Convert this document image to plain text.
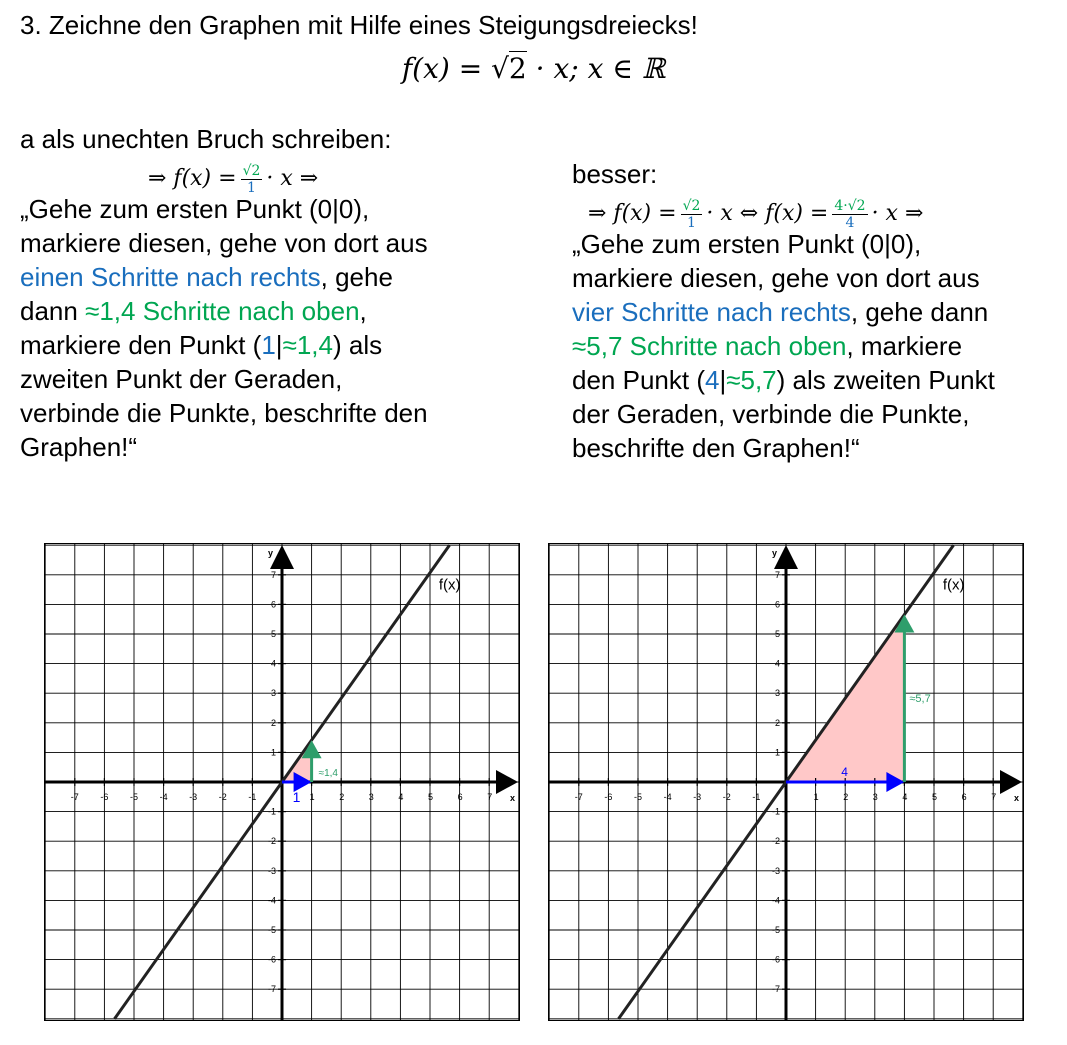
3. Zeichne den Graphen mit Hilfe eines Steigungsdreiecks!
f(x) = √2 · x; x ∈ ℝ
a als unechten Bruch schreiben:
⇒ $f(x) = \frac{√2}{1} \cdot x$ ⇒
„Gehe zum ersten Punkt (0|0),
markiere diesen, gehe von dort aus
einen Schritte nach rechts, gehe
dann ≈1,4 Schritte nach oben,
markiere den Punkt (1|≈1,4) als
zweiten Punkt der Geraden,
verbinde die Punkte, beschrifte den
Graphen!“
besser:
⇒ $f(x) = \frac{√2}{1} \cdot x$ ⇔ $f(x) = \frac{4\cdot√2}{4} \cdot x$ ⇒
„Gehe zum ersten Punkt (0|0),
markiere diesen, gehe von dort aus
vier Schritte nach rechts, gehe dann
≈5,7 Schritte nach oben, markiere
den Punkt (4|≈5,7) als zweiten Punkt
der Geraden, verbinde die Punkte,
beschrifte den Graphen!“
x
y
-7 -6 -5 -4 -3 -2 -1	1	2	3	4	5	6	7
7
6
5
4
3
2
1
-1
-2
-3
-4
-5
-6
-7
f(x)
1
≈1,4
x
y
-7 -6 -5 -4 -3 -2 -1	1	2	3	4	5	6	7
7
6
5
4
3
2
1
-1
-2
-3
-4
-5
-6
-7
f(x)
4
≈5,7
